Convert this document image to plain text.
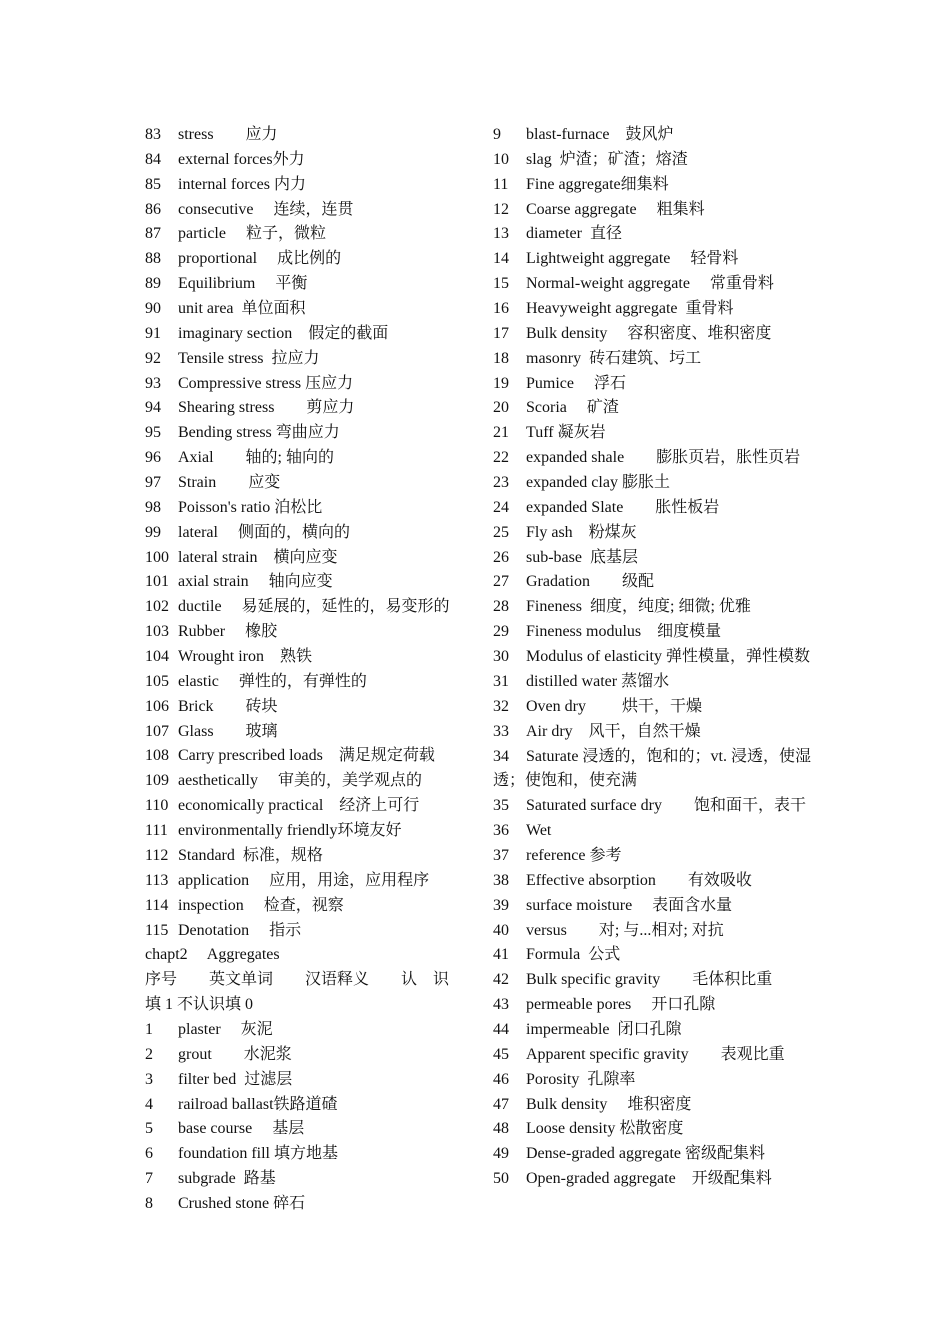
83 stress　　应力
84 external forces外力
85 internal forces 内力
86 consecutive　 连续，连贯
87 particle　 粒子，微粒
88 proportional　 成比例的
89 Equilibrium　 平衡
90 unit area  单位面积
91 imaginary section　假定的截面
92 Tensile stress  拉应力
93 Compressive stress 压应力
94 Shearing stress　　剪应力
95 Bending stress 弯曲应力
96 Axial　　轴的; 轴向的
97 Strain　　应变
98 Poisson's ratio 泊松比
99 lateral　 侧面的，横向的
100 lateral strain　横向应变
101 axial strain　 轴向应变
102 ductile　 易延展的，延性的，易变形的
103 Rubber　 橡胶
104 Wrought iron　熟铁
105 elastic　 弹性的，有弹性的
106 Brick　　砖块
107 Glass　　玻璃
108 Carry prescribed loads　满足规定荷载
109 aesthetically　 审美的，美学观点的
110 economically practical　经济上可行
111 environmentally friendly环境友好
112 Standard  标准，规格
113 application　 应用，用途，应用程序
114 inspection　 检查，视察
115 Denotation　 指示
chapt2　 Aggregates
序号　　英文单词　　汉语释义　　认　识
填 1 不认识填 0
1 plaster　 灰泥
2 grout　　水泥浆
3 filter bed  过滤层
4 railroad ballast铁路道碴
5 base course　 基层
6 foundation fill 填方地基
7 subgrade  路基
8 Crushed stone 碎石
9 blast-furnace　鼓风炉
10 slag  炉渣；矿渣；熔渣
11 Fine aggregate细集料
12 Coarse aggregate　 粗集料
13 diameter  直径
14 Lightweight aggregate　 轻骨料
15 Normal-weight aggregate　 常重骨料
16 Heavyweight aggregate  重骨料
17 Bulk density　 容积密度、堆积密度
18 masonry  砖石建筑、圬工
19 Pumice　 浮石
20 Scoria　 矿渣
21 Tuff 凝灰岩
22 expanded shale　　膨胀页岩，胀性页岩
23 expanded clay 膨胀土
24 expanded Slate　　胀性板岩
25 Fly ash　粉煤灰
26 sub-base  底基层
27 Gradation　　级配
28 Fineness  细度，纯度; 细微; 优雅
29 Fineness modulus　细度模量
30 Modulus of elasticity 弹性模量，弹性模数
31 distilled water 蒸馏水
32 Oven dry　　 烘干，干燥
33 Air dry　风干，自然干燥
34 Saturate 浸透的，饱和的；vt. 浸透，使湿透；使饱和，使充满
35 Saturated surface dry　　饱和面干，表干
36 Wet
37 reference 参考
38 Effective absorption　　有效吸收
39 surface moisture　 表面含水量
40 versus　　对; 与...相对; 对抗
41 Formula  公式
42 Bulk specific gravity　　毛体积比重
43 permeable pores　 开口孔隙
44 impermeable  闭口孔隙
45 Apparent specific gravity　　表观比重
46 Porosity  孔隙率
47 Bulk density　 堆积密度
48 Loose density 松散密度
49 Dense-graded aggregate 密级配集料
50 Open-graded aggregate　开级配集料
